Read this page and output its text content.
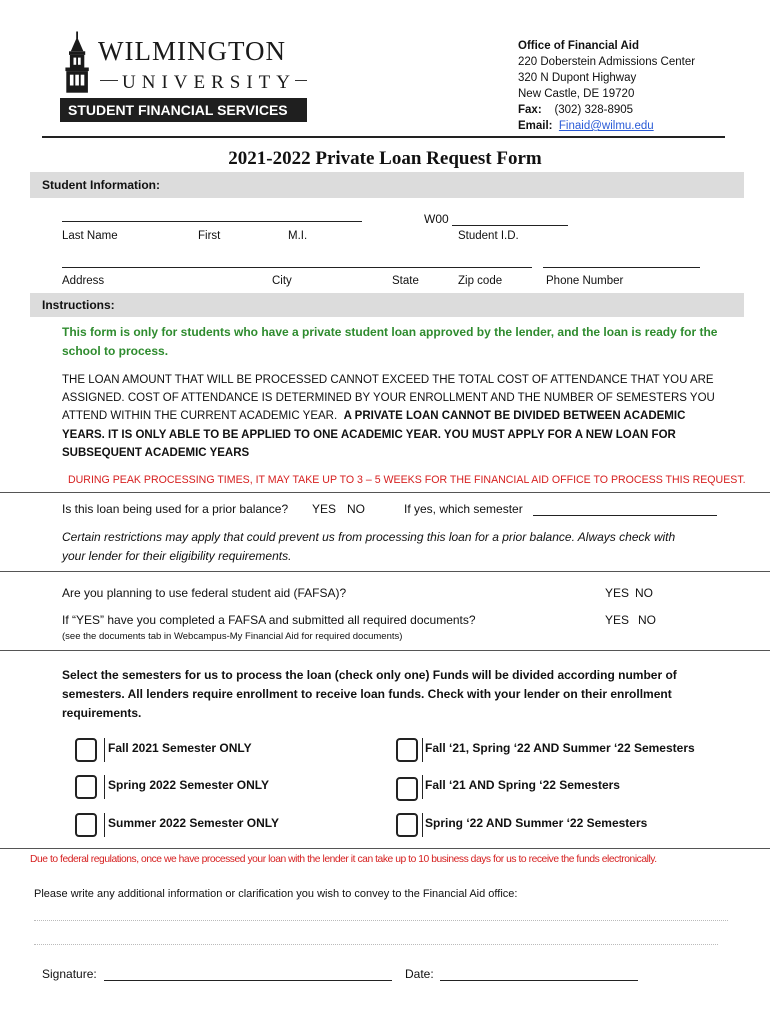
WILMINGTON
UNIVERSITY
STUDENT FINANCIAL SERVICES
Office of Financial Aid
220 Doberstein Admissions Center
320 N Dupont Highway
New Castle, DE 19720
Fax: (302) 328-8905
Email: Finaid@wilmu.edu
2021-2022 Private Loan Request Form
Student Information:
W00
Last Name	First	M.I.	Student I.D.
Address	City	State	Zip code	Phone Number
Instructions:
This form is only for students who have a private student loan approved by the lender, and the loan is ready for the
school to process.
THE LOAN AMOUNT THAT WILL BE PROCESSED CANNOT EXCEED THE TOTAL COST OF ATTENDANCE THAT YOU ARE
ASSIGNED. COST OF ATTENDANCE IS DETERMINED BY YOUR ENROLLMENT AND THE NUMBER OF SEMESTERS YOU
ATTEND WITHIN THE CURRENT ACADEMIC YEAR. A PRIVATE LOAN CANNOT BE DIVIDED BETWEEN ACADEMIC
YEARS. IT IS ONLY ABLE TO BE APPLIED TO ONE ACADEMIC YEAR. YOU MUST APPLY FOR A NEW LOAN FOR
SUBSEQUENT ACADEMIC YEARS
DURING PEAK PROCESSING TIMES, IT MAY TAKE UP TO 3 – 5 WEEKS FOR THE FINANCIAL AID OFFICE TO PROCESS THIS REQUEST.
Is this loan being used for a prior balance? YES NO	If yes, which semester
Certain restrictions may apply that could prevent us from processing this loan for a prior balance. Always check with
your lender for their eligibility requirements.
Are you planning to use federal student aid (FAFSA)?	YES NO
If “YES” have you completed a FAFSA and submitted all required documents?	YES NO
(see the documents tab in Webcampus-My Financial Aid for required documents)
Select the semesters for us to process the loan (check only one) Funds will be divided according number of
semesters. All lenders require enrollment to receive loan funds. Check with your lender on their enrollment
requirements.
Fall 2021 Semester ONLY	Fall ‘21, Spring ‘22 AND Summer ‘22 Semesters
Spring 2022 Semester ONLY	Fall ‘21 AND Spring ‘22 Semesters
Summer 2022 Semester ONLY	Spring ‘22 AND Summer ‘22 Semesters
Due to federal regulations, once we have processed your loan with the lender it can take up to 10 business days for us to receive the funds electronically.
Please write any additional information or clarification you wish to convey to the Financial Aid office:
Signature:	Date:
